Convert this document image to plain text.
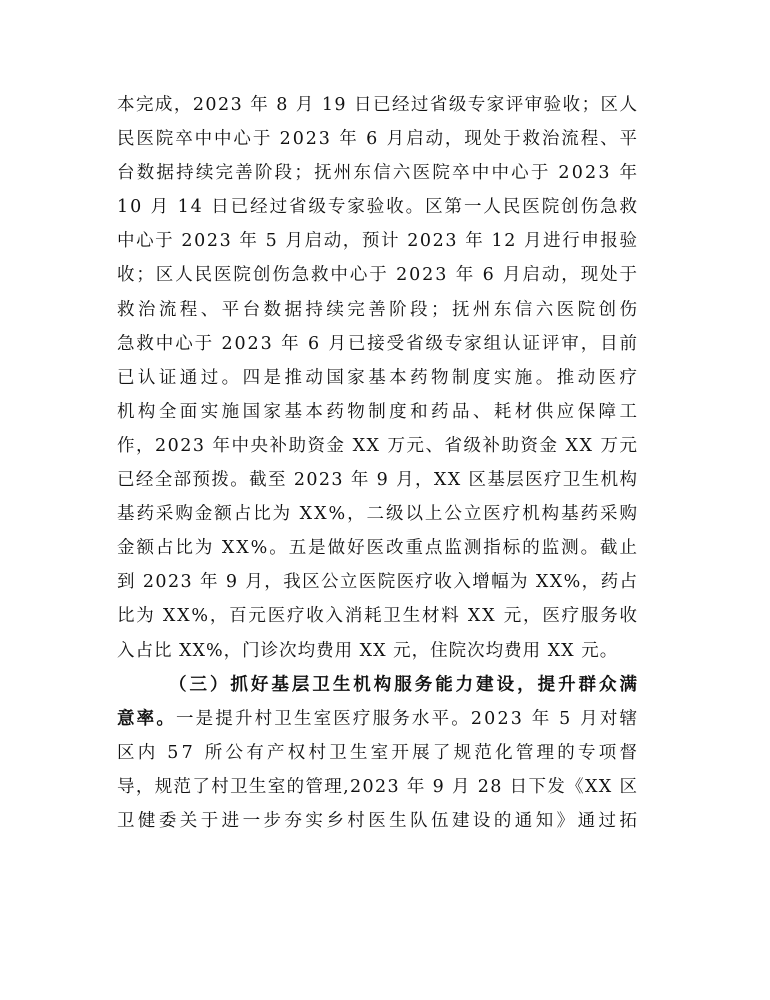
本完成，2023 年 8 月 19 日已经过省级专家评审验收；区人
民医院卒中中心于 2023 年 6 月启动，现处于救治流程、平
台数据持续完善阶段；抚州东信六医院卒中中心于 2023 年
10 月 14 日已经过省级专家验收。区第一人民医院创伤急救
中心于 2023 年 5 月启动，预计 2023 年 12 月进行申报验
收；区人民医院创伤急救中心于 2023 年 6 月启动，现处于
救治流程、平台数据持续完善阶段；抚州东信六医院创伤
急救中心于 2023 年 6 月已接受省级专家组认证评审，目前
已认证通过。四是推动国家基本药物制度实施。推动医疗
机构全面实施国家基本药物制度和药品、耗材供应保障工
作，2023 年中央补助资金 XX 万元、省级补助资金 XX 万元
已经全部预拨。截至 2023 年 9 月，XX 区基层医疗卫生机构
基药采购金额占比为 XX%，二级以上公立医疗机构基药采购
金额占比为 XX%。五是做好医改重点监测指标的监测。截止
到 2023 年 9 月，我区公立医院医疗收入增幅为 XX%，药占
比为 XX%，百元医疗收入消耗卫生材料 XX 元，医疗服务收
入占比 XX%，门诊次均费用 XX 元，住院次均费用 XX 元。
（三）抓好基层卫生机构服务能力建设，提升群众满
意率。一是提升村卫生室医疗服务水平。2023 年 5 月对辖
区内 57 所公有产权村卫生室开展了规范化管理的专项督
导，规范了村卫生室的管理,2023 年 9 月 28 日下发《XX 区
卫健委关于进一步夯实乡村医生队伍建设的通知》通过拓
